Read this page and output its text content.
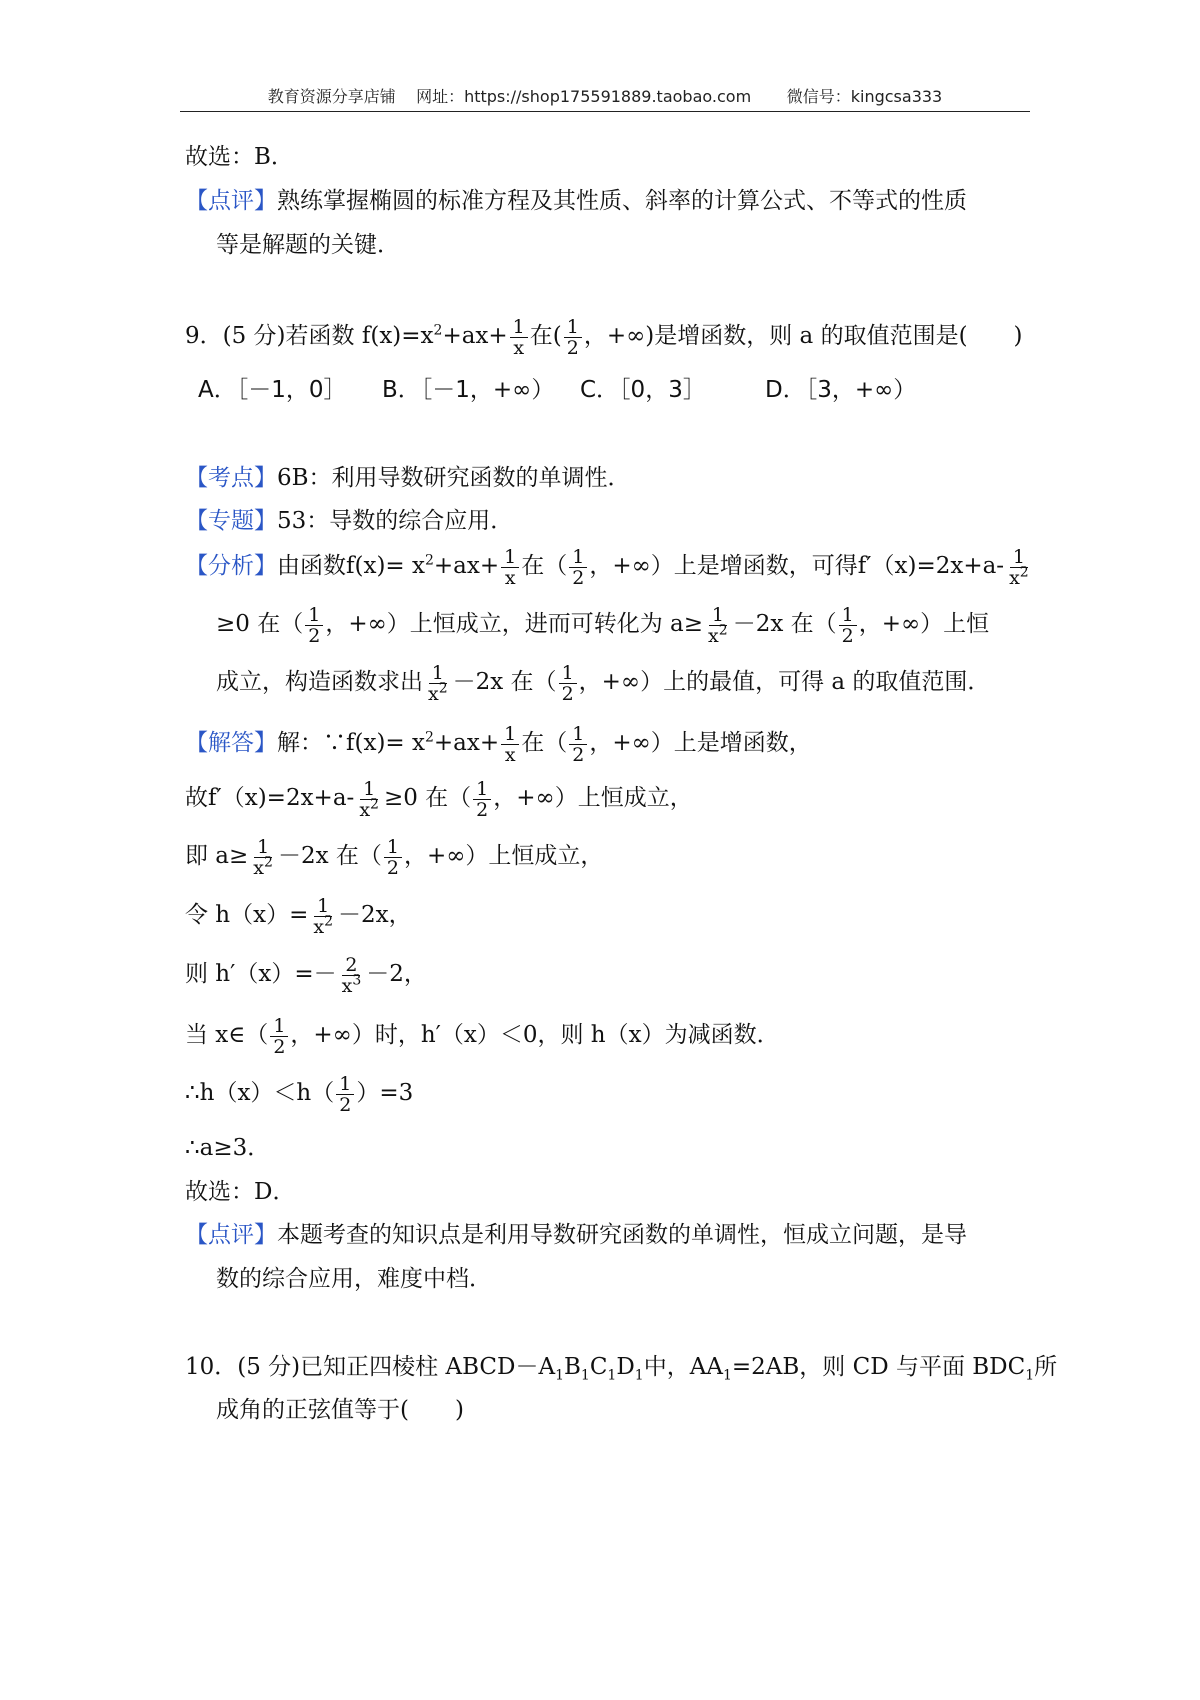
教育资源分享店铺    网址：https://shop175591889.taobao.com       微信号：kingcsa333
故选：B．
【点评】熟练掌握椭圆的标准方程及其性质、斜率的计算公式、不等式的性质
等是解题的关键．
9．(5 分)若函数 $f(x)=x^2+ax+ \frac{1}{x}$ 在( $\frac{1}{2}$ ，+∞)是增函数，则 a 的取值范围是(　　)
A．［－1，0］ B．［－1，+∞） C．［0，3］	D．［3，+∞）
【考点】6B：利用导数研究函数的单调性．
【专题】53：导数的综合应用．
【分析】由函数$f(x)= x^2+ax+ \frac{1}{x}$ 在（ $\frac{1}{2}$ ，+∞）上是增函数，可得$f'(x)=2x+a- \frac{1}{x^2}$
≥0 在（ $\frac{1}{2}$ ，+∞）上恒成立，进而可转化为 $a\ge \frac{1}{x^2} -2x$ 在（ $\frac{1}{2}$ ，+∞）上恒
成立，构造函数求出 $\frac{1}{x^2} -2x$ 在（ $\frac{1}{2}$ ，+∞）上的最值，可得 a 的取值范围．
【解答】解：∵f(x)= $x^2+ax+ \frac{1}{x}$ 在（ $\frac{1}{2}$ ，+∞）上是增函数，
故$f'(x)=2x+a- \frac{1}{x^2} \ge 0$ 在（ $\frac{1}{2}$ ，+∞）上恒成立，
即 $a\ge \frac{1}{x^2} -2x$ 在（ $\frac{1}{2}$ ，+∞）上恒成立，
令 $h(x)= \frac{1}{x^2} -2x$，
则 $h'(x)=- \frac{2}{x^3} -2$，
当 x∈（ $\frac{1}{2}$ ，+∞）时，h′（x）＜0，则 h（x）为减函数．
∴h（x）＜h（ $\frac{1}{2} )=3$
∴a≥3．
故选：D．
【点评】本题考查的知识点是利用导数研究函数的单调性，恒成立问题，是导
数的综合应用，难度中档．
10．(5 分)已知正四棱柱 $ABCD-A_1B_1C_1D_1$中，$AA_1=2AB$，则 CD 与平面 $BDC_1$所
成角的正弦值等于(　　)
